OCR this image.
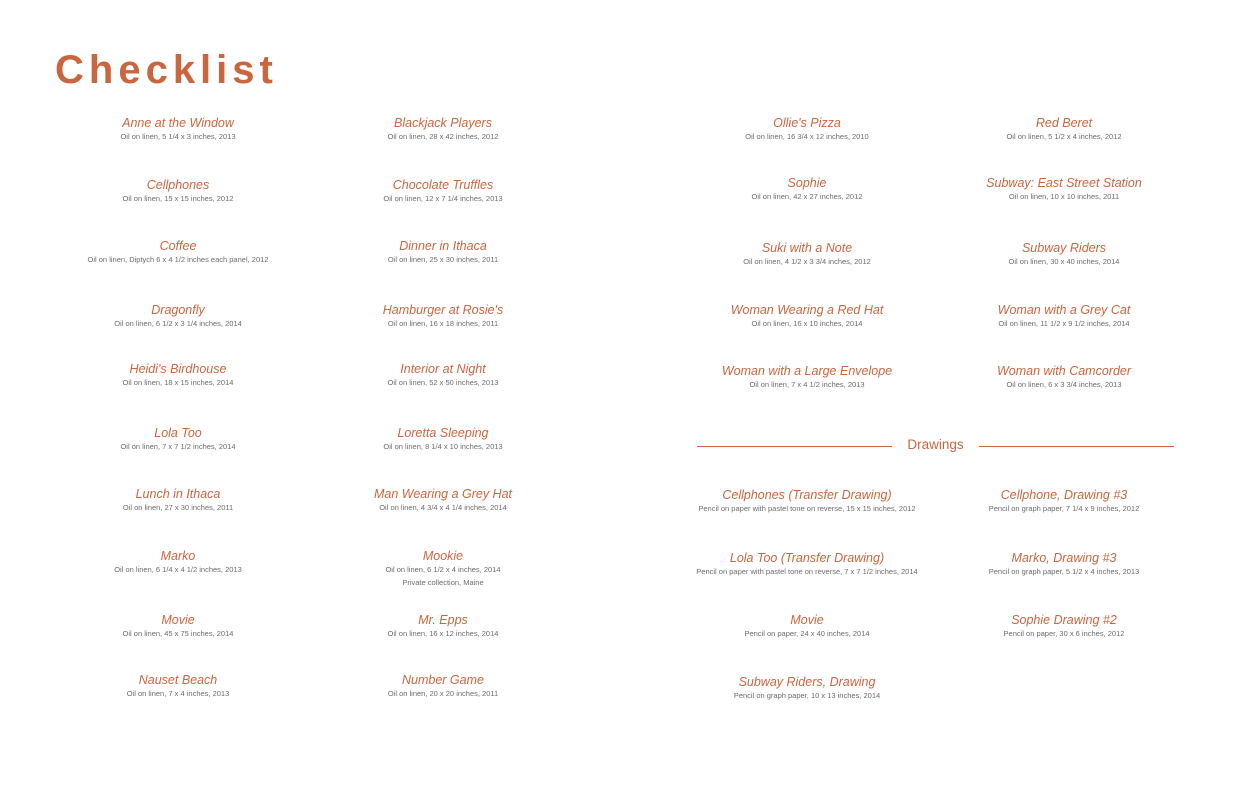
Checklist
Anne at the Window
Oil on linen, 5 1/4 x 3 inches, 2013
Cellphones
Oil on linen, 15 x 15 inches, 2012
Coffee
Oil on linen, Diptych 6 x 4 1/2 inches each panel, 2012
Dragonfly
Oil on linen, 6 1/2 x 3 1/4 inches, 2014
Heidi's Birdhouse
Oil on linen, 18 x 15 inches, 2014
Lola Too
Oil on linen, 7 x 7 1/2 inches, 2014
Lunch in Ithaca
Oil on linen, 27 x 30 inches, 2011
Marko
Oil on linen, 6 1/4 x 4 1/2 inches, 2013
Movie
Oil on linen, 45 x 75 inches, 2014
Nauset Beach
Oil on linen, 7 x 4 inches, 2013
Blackjack Players
Oil on linen, 28 x 42 inches, 2012
Chocolate Truffles
Oil on linen, 12 x 7 1/4 inches, 2013
Dinner in Ithaca
Oil on linen, 25 x 30 inches, 2011
Hamburger at Rosie's
Oil on linen, 16 x 18 inches, 2011
Interior at Night
Oil on linen, 52 x 50 inches, 2013
Loretta Sleeping
Oil on linen, 8 1/4 x 10 inches, 2013
Man Wearing a Grey Hat
Oil on linen, 4 3/4 x 4 1/4 inches, 2014
Mookie
Oil on linen, 6 1/2 x 4 inches, 2014
Private collection, Maine
Mr. Epps
Oil on linen, 16 x 12 inches, 2014
Number Game
Oil on linen, 20 x 20 inches, 2011
Ollie's Pizza
Oil on linen, 16 3/4 x 12 inches, 2010
Sophie
Oil on linen, 42 x 27 inches, 2012
Suki with a Note
Oil on linen, 4 1/2 x 3 3/4 inches, 2012
Woman Wearing a Red Hat
Oil on linen, 16 x 10 inches, 2014
Woman with a Large Envelope
Oil on linen, 7 x 4 1/2 inches, 2013
Red Beret
Oil on linen, 5 1/2 x 4 inches, 2012
Subway: East Street Station
Oil on linen, 10 x 10 inches, 2011
Subway Riders
Oil on linen, 30 x 40 inches, 2014
Woman with a Grey Cat
Oil on linen, 11 1/2 x 9 1/2 inches, 2014
Woman with Camcorder
Oil on linen, 6 x 3 3/4 inches, 2013
Cellphones (Transfer Drawing)
Pencil on paper with pastel tone on reverse, 15 x 15 inches, 2012
Lola Too (Transfer Drawing)
Pencil on paper with pastel tone on reverse, 7 x 7 1/2 inches, 2014
Movie
Pencil on paper, 24 x 40 inches, 2014
Subway Riders, Drawing
Pencil on graph paper, 10 x 13 inches, 2014
Cellphone, Drawing #3
Pencil on graph paper, 7 1/4 x 9 inches, 2012
Marko, Drawing #3
Pencil on graph paper, 5 1/2 x 4 inches, 2013
Sophie Drawing #2
Pencil on paper, 30 x 6 inches, 2012
Drawings
